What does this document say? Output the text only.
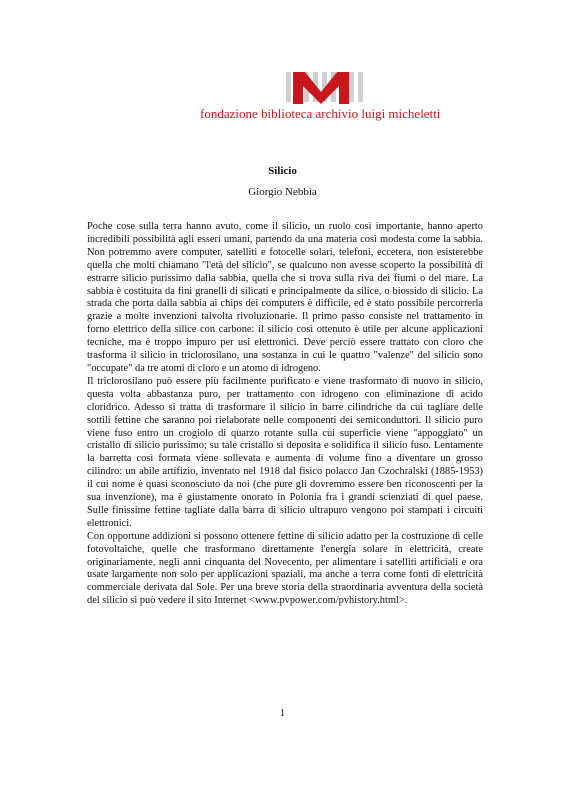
fondazione biblioteca archivio luigi micheletti
Silicio
Giorgio Nebbia

Poche cose sulla terra hanno avuto, come il silicio, un ruolo così importante, hanno aperto incredibili possibilità agli esseri umani, partendo da una materia così modesta come la sabbia. Non potremmo avere computer, satelliti e fotocelle solari, telefoni, eccetera, non esisterebbe quella che molti chiamano "l'età del silicio", se qualcuno non avesse scoperto la possibilità di estrarre silicio purissimo dalla sabbia, quella che si trova sulla riva dei fiumi o del mare. La sabbia è costituita da fini granelli di silicati e principalmente da silice, o biossido di silicio. La strada che porta dalla sabbia ai chips dei computers è difficile, ed è stato possibile percorrerla grazie a molte invenzioni talvolta rivoluzionarie. Il primo passo consiste nel trattamento in forno elettrico della silice con carbone: il silicio così ottenuto è utile per alcune applicazioni tecniche, ma è troppo impuro per usi elettronici. Deve perciò essere trattato con cloro che trasforma il silicio in triclorosilano, una sostanza in cui le quattro "valenze" del silicio sono "occupate" da tre atomi di cloro e un atomo di idrogeno.

Il triclorosilano può essere più facilmente purificato e viene trasformato di nuovo in silicio, questa volta abbastanza puro, per trattamento con idrogeno con eliminazione di acido cloridrico. Adesso si tratta di trasformare il silicio in barre cilindriche da cui tagliare delle sottili fettine che saranno poi rielaborate nelle componenti dei semiconduttori. Il silicio puro viene fuso entro un crogiolo di quarzo rotante sulla cui superficie viene "appoggiato" un cristallo di silicio purissimo; su tale cristallo si deposita e solidifica il silicio fuso. Lentamente la barretta così formata viene sollevata e aumenta di volume fino a diventare un grosso cilindro: un abile artifizio, inventato nel 1918 dal fisico polacco Jan Czochralski (1885-1953) il cui nome è quasi sconosciuto da noi (che pure gli dovremmo essere ben riconoscenti per la sua invenzione), ma è giustamente onorato in Polonia fra i grandi scienziati di quel paese. Sulle finissime fettine tagliate dalla barra di silicio ultrapuro vengono poi stampati i circuiti elettronici.

Con opportune addizioni si possono ottenere fettine di silicio adatto per la costruzione di celle fotovoltaiche, quelle che trasformano direttamente l'energia solare in elettricità, create originariamente, negli anni cinquanta del Novecento, per alimentare i satelliti artificiali e ora usate largamente non solo per applicazioni spaziali, ma anche a terra come fonti di elettricità commerciale derivata dal Sole. Per una breve storia della straordinaria avventura della società del silicio si può vedere il sito Internet <www.pvpower.com/pvhistory.html>.

1
